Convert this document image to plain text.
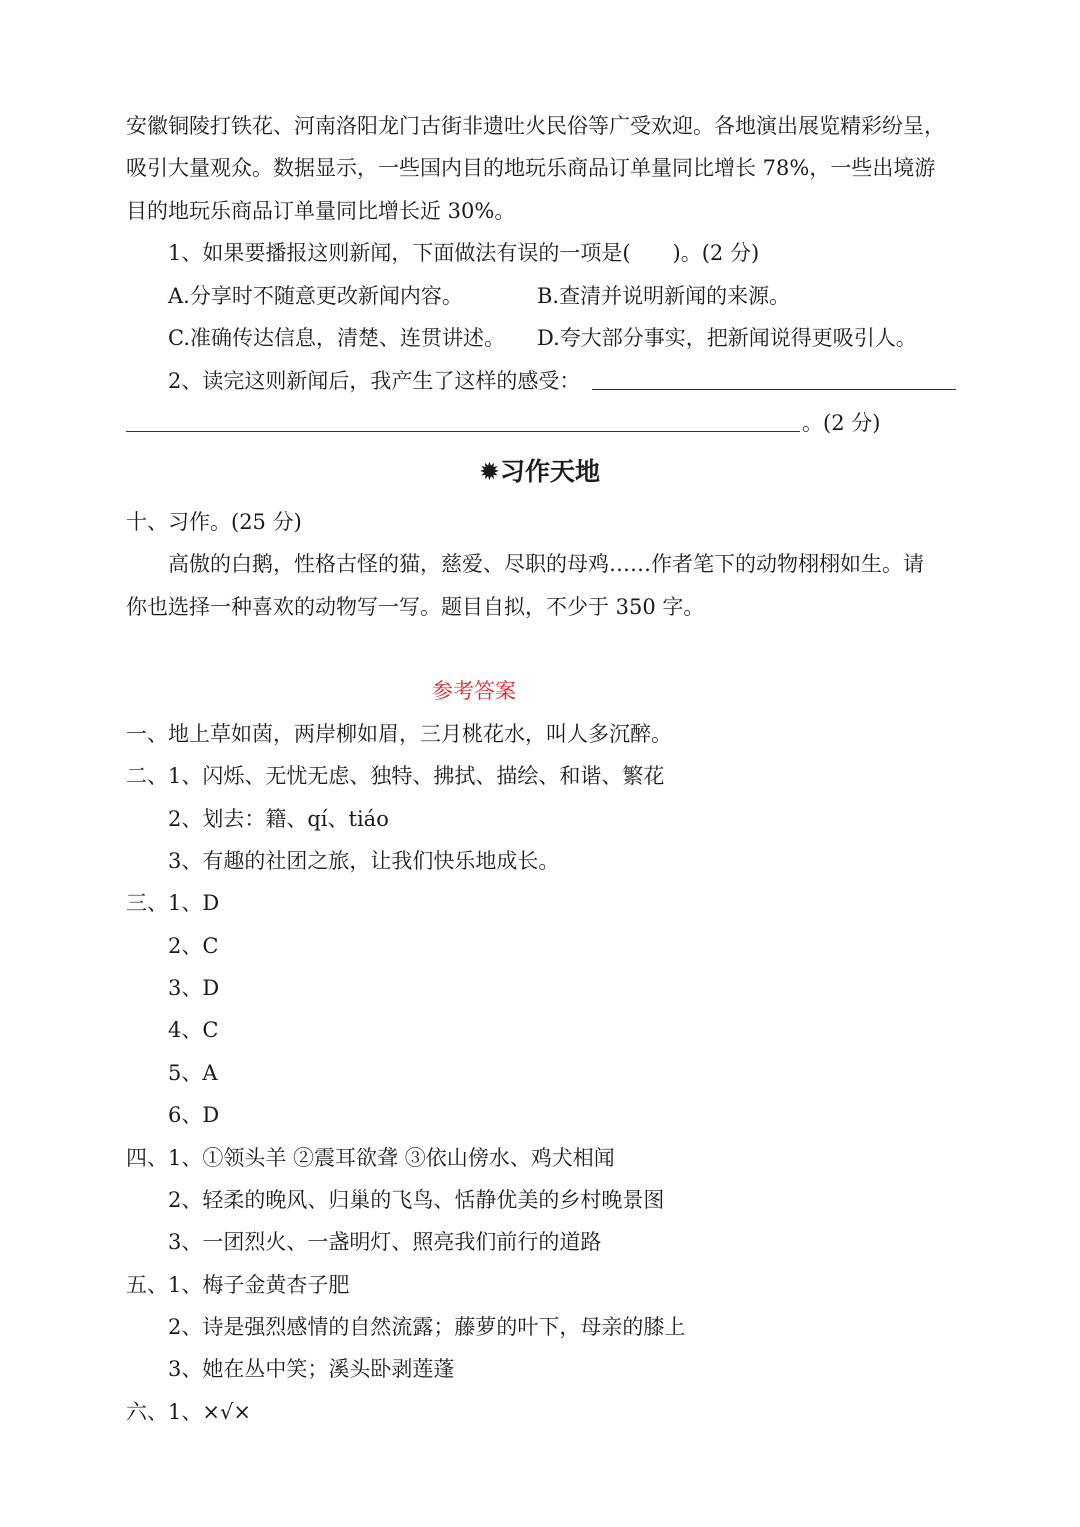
安徽铜陵打铁花、河南洛阳龙门古街非遗吐火民俗等广受欢迎。各地演出展览精彩纷呈，
吸引大量观众。数据显示，一些国内目的地玩乐商品订单量同比增长 78%，一些出境游
目的地玩乐商品订单量同比增长近 30%。
1、如果要播报这则新闻，下面做法有误的一项是(　　)。(2 分)
A.分享时不随意更改新闻内容。	B.查清并说明新闻的来源。
C.准确传达信息，清楚、连贯讲述。 D.夸大部分事实，把新闻说得更吸引人。
2、读完这则新闻后，我产生了这样的感受：
。(2 分)
✹习作天地
十、习作。(25 分)
高傲的白鹅，性格古怪的猫，慈爱、尽职的母鸡……作者笔下的动物栩栩如生。请
你也选择一种喜欢的动物写一写。题目自拟，不少于 350 字。
参考答案
一、地上草如茵，两岸柳如眉，三月桃花水，叫人多沉醉。
二、1、闪烁、无忧无虑、独特、拂拭、描绘、和谐、繁花
2、划去：籍、qí、tiáo
3、有趣的社团之旅，让我们快乐地成长。
三、1、D
2、C
3、D
4、C
5、A
6、D
四、1、①领头羊 ②震耳欲聋 ③依山傍水、鸡犬相闻
2、轻柔的晚风、归巢的飞鸟、恬静优美的乡村晚景图
3、一团烈火、一盏明灯、照亮我们前行的道路
五、1、梅子金黄杏子肥
2、诗是强烈感情的自然流露；藤萝的叶下，母亲的膝上
3、她在丛中笑；溪头卧剥莲蓬
六、1、×√×
